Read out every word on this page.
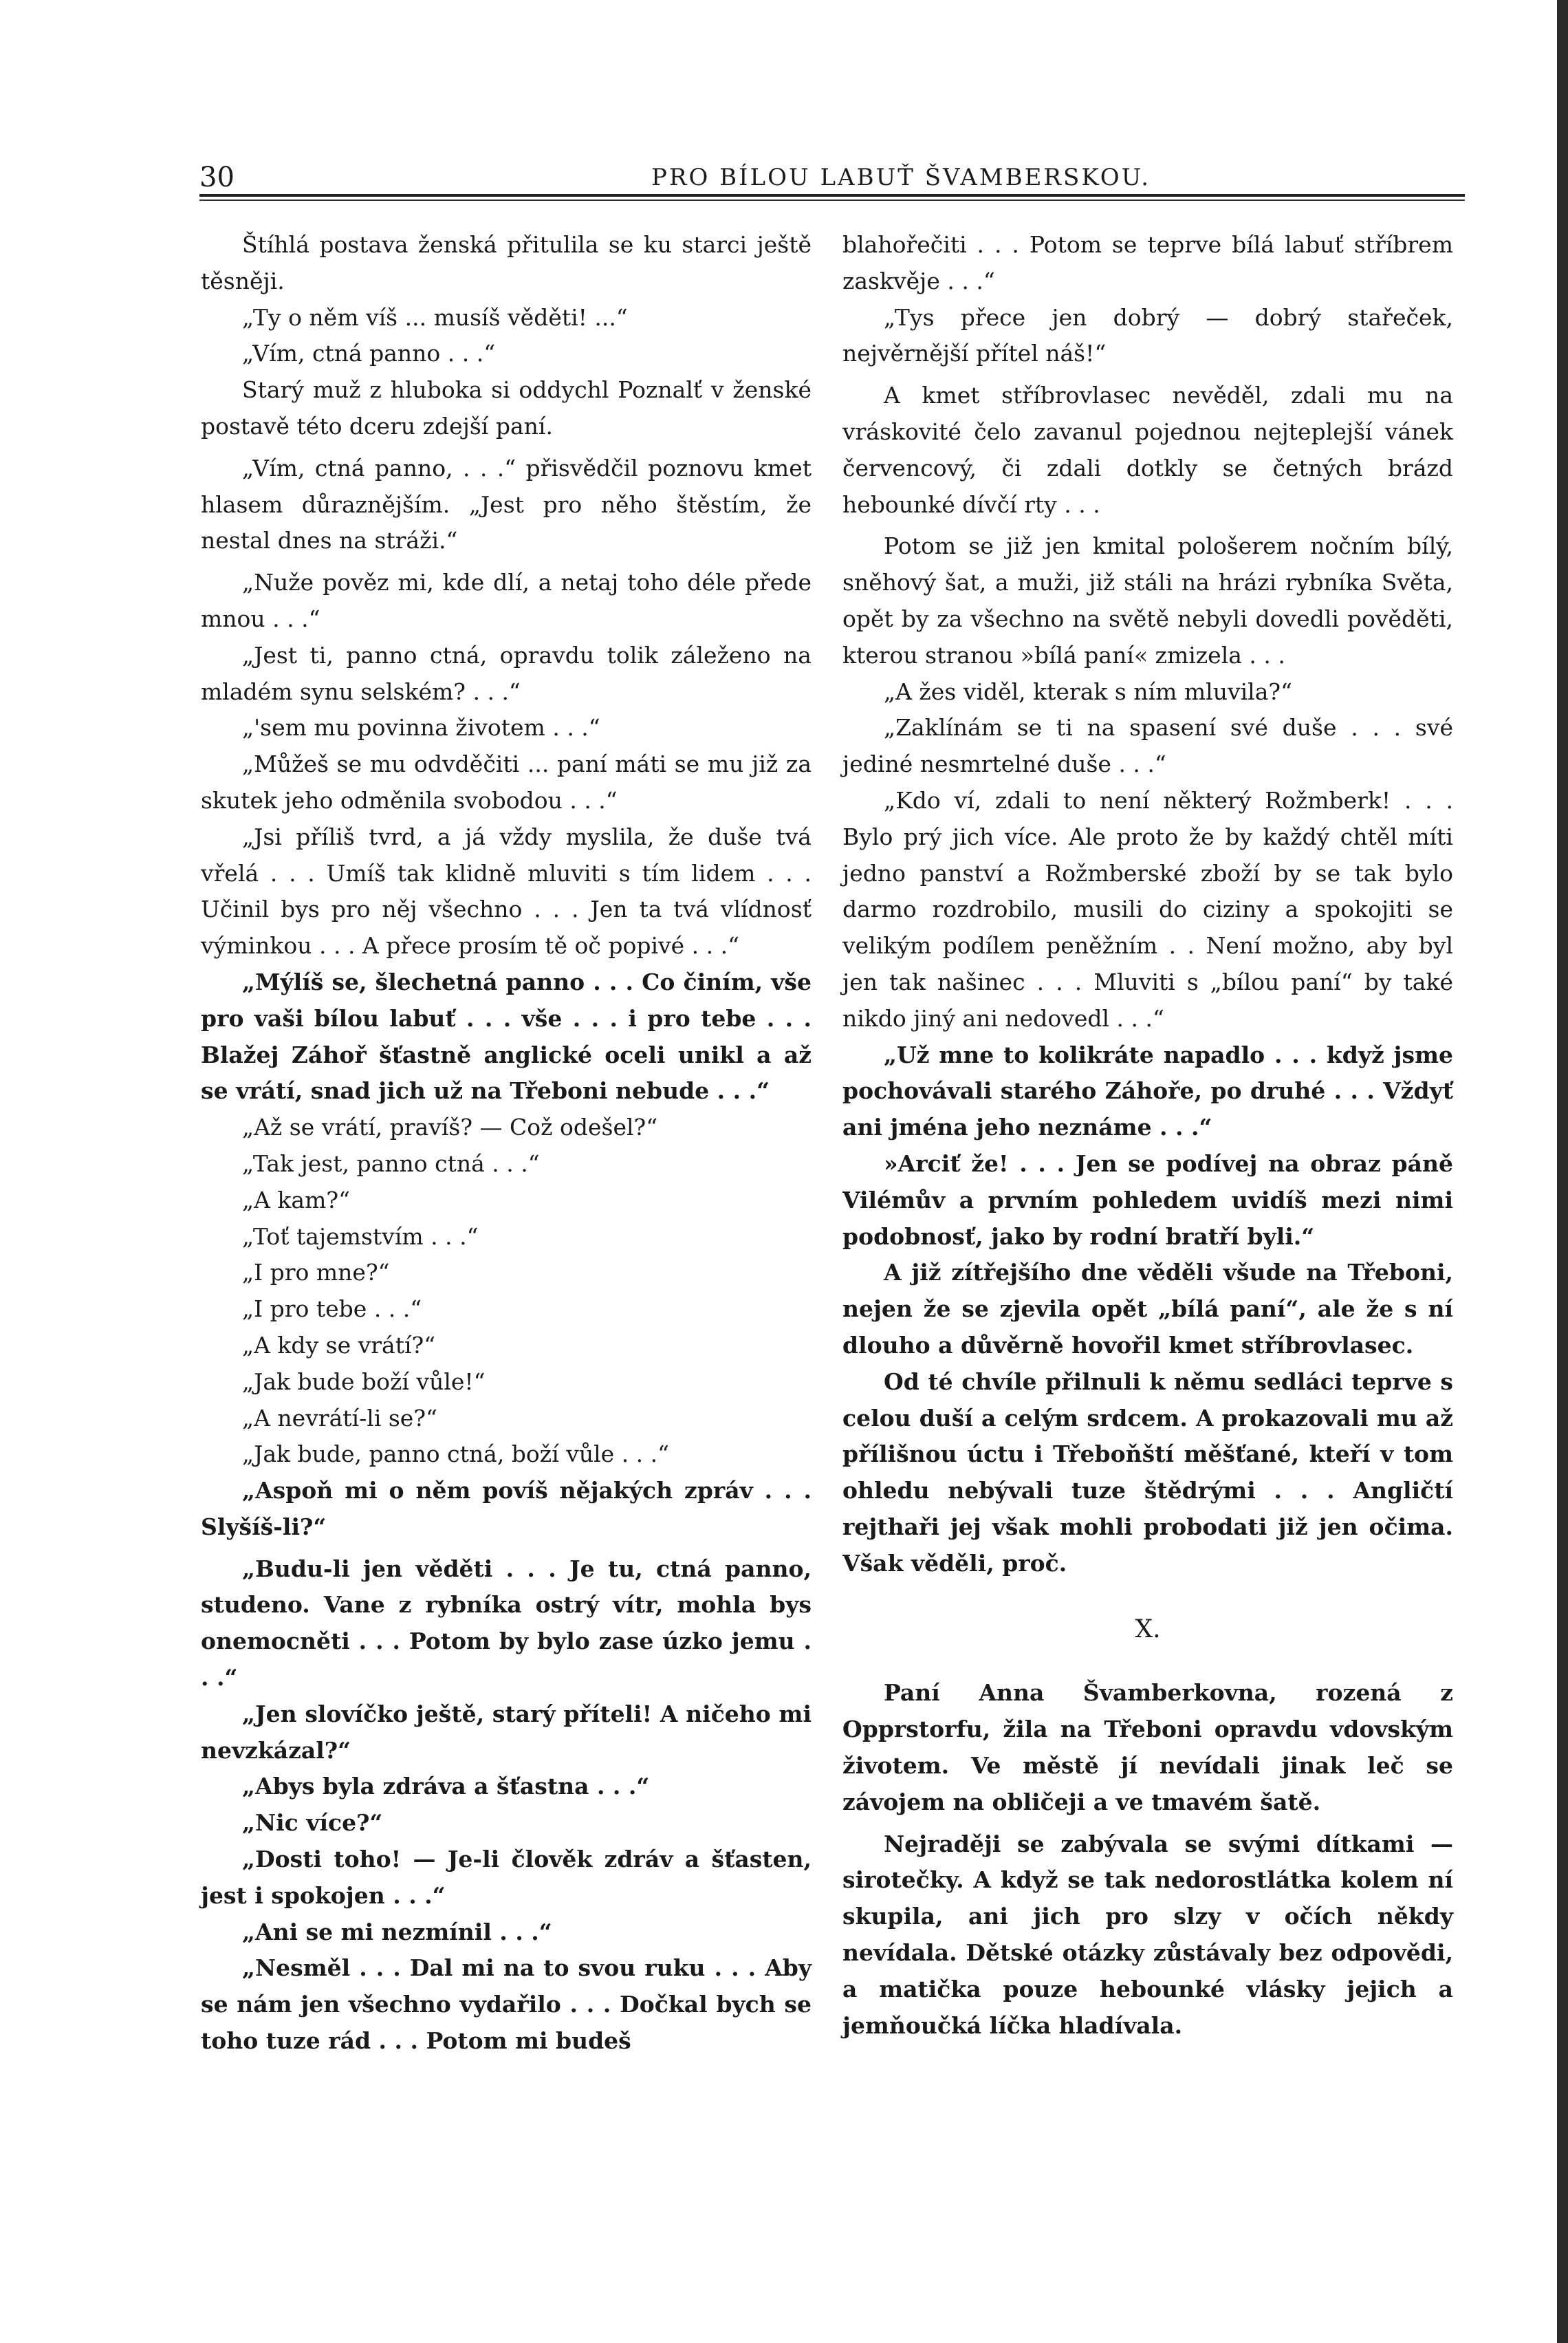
30	PRO BÍLOU LABUŤ ŠVAMBERSKOU.

Štíhlá postava ženská přitulila se ku starci ještě těsněji.

„Ty o něm víš ... musíš věděti! ...“

„Vím, ctná panno . . .“

Starý muž z hluboka si oddychl Poznalť v ženské postavě této dceru zdejší paní.

„Vím, ctná panno, . . .“ přisvědčil poznovu kmet hlasem důraznějším. „Jest pro něho štěstím, že nestal dnes na stráži.“

„Nuže pověz mi, kde dlí, a netaj toho déle přede mnou . . .“

„Jest ti, panno ctná, opravdu tolik záleženo na mladém synu selském? . . .“

„'sem mu povinna životem . . .“

„Můžeš se mu odvděčiti ... paní máti se mu již za skutek jeho odměnila svobodou . . .“

„Jsi příliš tvrd, a já vždy myslila, že duše tvá vřelá . . . Umíš tak klidně mluviti s tím lidem . . . Učinil bys pro něj všechno . . . Jen ta tvá vlídnosť výminkou . . . A přece prosím tě oč popivé . . .“

„Mýlíš se, šlechetná panno . . . Co činím, vše pro vaši bílou labuť . . . vše . . . i pro tebe . . . Blažej Záhoř šťastně anglické oceli unikl a až se vrátí, snad jich už na Třeboni nebude . . .“

„Až se vrátí, pravíš? — Což odešel?“

„Tak jest, panno ctná . . .“

„A kam?“

„Toť tajemstvím . . .“

„I pro mne?“

„I pro tebe . . .“

„A kdy se vrátí?“

„Jak bude boží vůle!“

„A nevrátí-li se?“

„Jak bude, panno ctná, boží vůle . . .“

„Aspoň mi o něm povíš nějakých zpráv . . . Slyšíš-li?“

„Budu-li jen věděti . . . Je tu, ctná panno, studeno. Vane z rybníka ostrý vítr, mohla bys onemocněti . . . Potom by bylo zase úzko jemu . . .“

„Jen slovíčko ještě, starý příteli! A ničeho mi nevzkázal?“

„Abys byla zdráva a šťastna . . .“

„Nic více?“

„Dosti toho! — Je-li člověk zdráv a šťasten, jest i spokojen . . .“

„Ani se mi nezmínil . . .“

„Nesměl . . . Dal mi na to svou ruku . . . Aby se nám jen všechno vydařilo . . . Dočkal bych se toho tuze rád . . . Potom mi budeš

blahořečiti . . . Potom se teprve bílá labuť stříbrem zaskvěje . . .“

„Tys přece jen dobrý — dobrý stařeček, nejvěrnější přítel náš!“

A kmet stříbrovlasec nevěděl, zdali mu na vráskovité čelo zavanul pojednou nejteplejší vánek červencový, či zdali dotkly se četných brázd hebounké dívčí rty . . .

Potom se již jen kmital pološerem nočním bílý, sněhový šat, a muži, již stáli na hrázi rybníka Světa, opět by za všechno na světě nebyli dovedli pověděti, kterou stranou »bílá paní« zmizela . . .

„A žes viděl, kterak s ním mluvila?“

„Zaklínám se ti na spasení své duše . . . své jediné nesmrtelné duše . . .“

„Kdo ví, zdali to není některý Rožmberk! . . . Bylo prý jich více. Ale proto že by každý chtěl míti jedno panství a Rožmberské zboží by se tak bylo darmo rozdrobilo, musili do ciziny a spokojiti se velikým podílem peněžním . . Není možno, aby byl jen tak našinec . . . Mluviti s „bílou paní“ by také nikdo jiný ani nedovedl . . .“

„Už mne to kolikráte napadlo . . . když jsme pochovávali starého Záhoře, po druhé . . . Vždyť ani jména jeho neznáme . . .“

»Arciť že! . . . Jen se podívej na obraz páně Vilémův a prvním pohledem uvidíš mezi nimi podobnosť, jako by rodní bratří byli.“

A již zítřejšího dne věděli všude na Třeboni, nejen že se zjevila opět „bílá paní“, ale že s ní dlouho a důvěrně hovořil kmet stříbrovlasec.

Od té chvíle přilnuli k němu sedláci teprve s celou duší a celým srdcem. A prokazovali mu až přílišnou úctu i Třeboňští měšťané, kteří v tom ohledu nebývali tuze štědrými . . . Angličtí rejthaři jej však mohli probodati již jen očima. Však věděli, proč.

X.

Paní Anna Švamberkovna, rozená z Opprstorfu, žila na Třeboni opravdu vdovským životem. Ve městě jí nevídali jinak leč se závojem na obličeji a ve tmavém šatě.

Nejraději se zabývala se svými dítkami — sirotečky. A když se tak nedorostlátka kolem ní skupila, ani jich pro slzy v očích někdy nevídala. Dětské otázky zůstávaly bez odpovědi, a matička pouze hebounké vlásky jejich a jemňoučká líčka hladívala.
